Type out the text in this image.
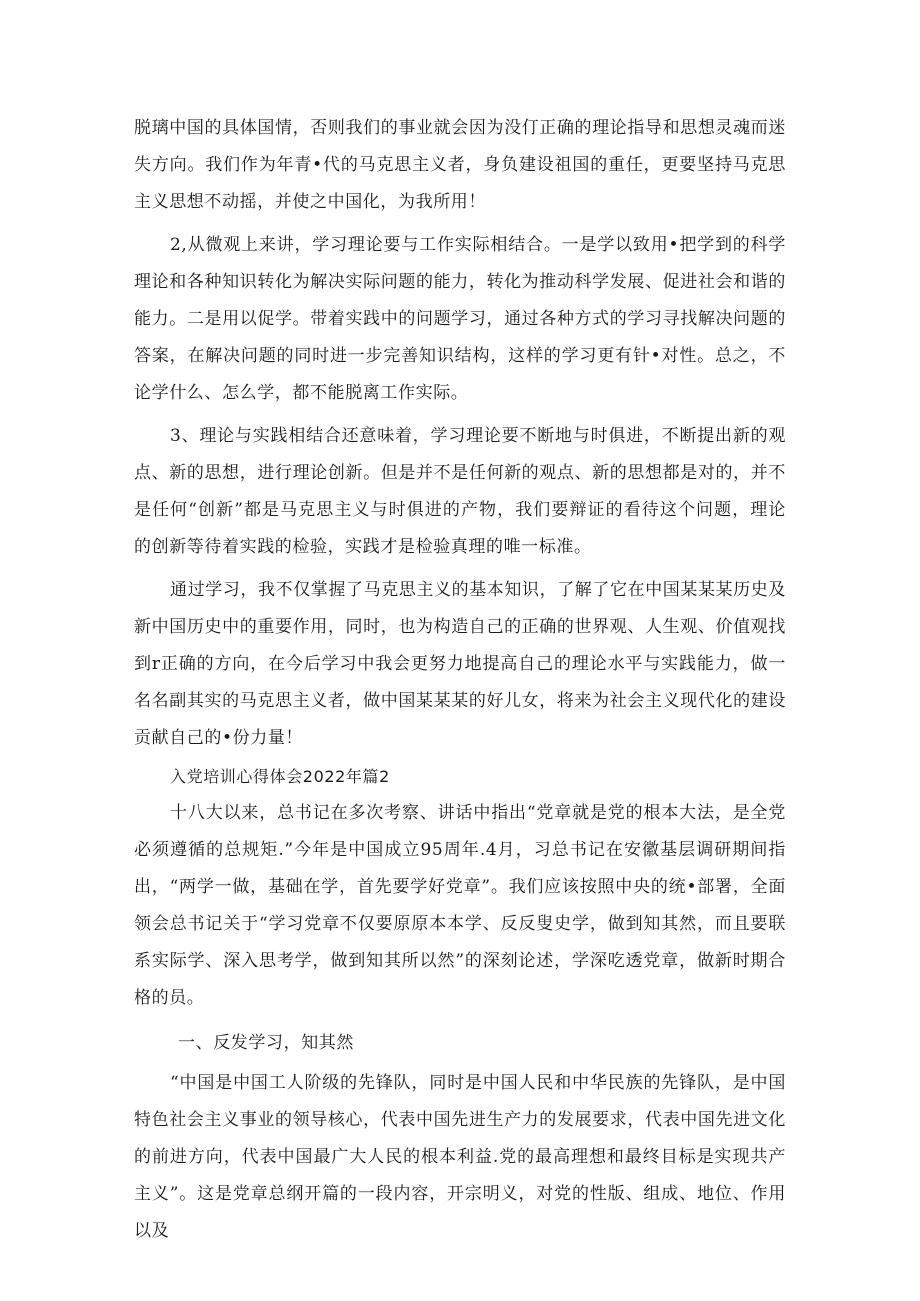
脱璃中国的具体国情，否则我们的事业就会因为没仃正确的理论指导和思想灵魂而迷失方向。我们作为年青•代的马克思主义者，身负建设祖国的重任，更要坚持马克思主义思想不动摇，并使之中国化，为我所用！

2,从微观上来讲，学习理论要与工作实际相结合。一是学以致用•把学到的科学理论和各种知识转化为解决实际问题的能力，转化为推动科学发展、促进社会和谐的能力。二是用以促学。带着实践中的问题学习，通过各种方式的学习寻找解决问题的答案，在解决问题的同时进一步完善知识结构，这样的学习更有针•对性。总之，不论学什么、怎么学，都不能脱离工作实际。

3、理论与实践相结合还意味着，学习理论要不断地与时俱进，不断提出新的观点、新的思想，进行理论创新。但是并不是任何新的观点、新的思想都是对的，并不是任何“创新”都是马克思主义与时俱进的产物，我们要辩证的看待这个问题，理论的创新等待着实践的检验，实践才是检验真理的唯一标准。

通过学习，我不仅掌握了马克思主义的基本知识，了解了它在中国某某某历史及新中国历史中的重要作用，同时，也为构造自己的正确的世界观、人生观、价值观找到r正确的方向，在今后学习中我会更努力地提高自己的理论水平与实践能力，做一名名副其实的马克思主义者，做中国某某某的好儿女，将来为社会主义现代化的建设贡献自己的•份力量！

入党培训心得体会2022年篇2

十八大以来，总书记在多次考察、讲话中指出“党章就是党的根本大法，是全党必须遵循的总规矩.”今年是中国成立95周年.4月，习总书记在安徽基层调研期间指出，“两学一做，基础在学，首先要学好党章”。我们应该按照中央的统•部署，全面领会总书记关于“学习党章不仅要原原本本学、反反叟史学，做到知其然，而且要联系实际学、深入思考学，做到知其所以然”的深刻论述，学深吃透党章，做新时期合格的员。

一、反发学习，知其然

“中国是中国工人阶级的先锋队，同时是中国人民和中华民族的先锋队，是中国特色社会主义事业的领导核心，代表中国先进生产力的发展要求，代表中国先进文化的前进方向，代表中国最广大人民的根本利益.党的最高理想和最终目标是实现共产主义”。这是党章总纲开篇的一段内容，开宗明义，对党的性版、组成、地位、作用以及
